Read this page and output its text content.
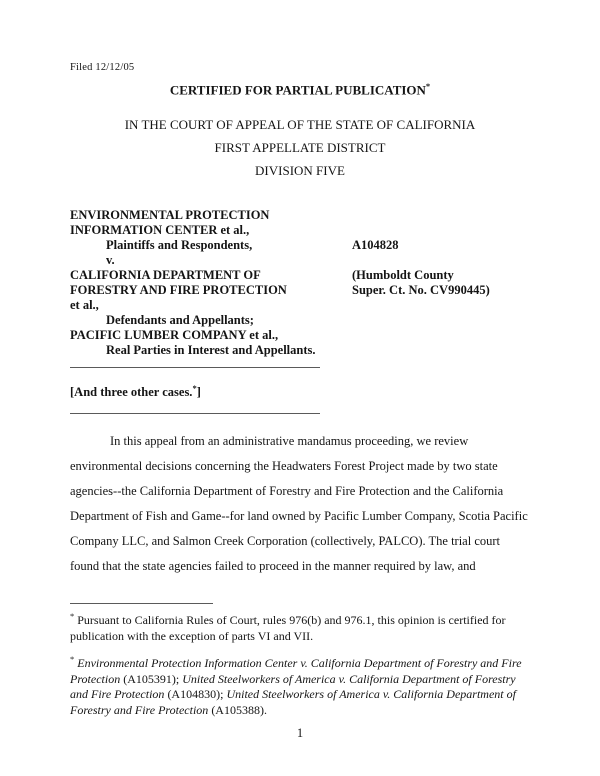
Filed 12/12/05
CERTIFIED FOR PARTIAL PUBLICATION*
IN THE COURT OF APPEAL OF THE STATE OF CALIFORNIA
FIRST APPELLATE DISTRICT
DIVISION FIVE
ENVIRONMENTAL PROTECTION
INFORMATION CENTER et al.,
Plaintiffs and Respondents,
v.
CALIFORNIA DEPARTMENT OF
FORESTRY AND FIRE PROTECTION
et al.,
Defendants and Appellants;
PACIFIC LUMBER COMPANY et al.,
Real Parties in Interest and Appellants.
A104828
(Humboldt County
Super. Ct. No. CV990445)
[And three other cases.*]

In this appeal from an administrative mandamus proceeding, we review environmental decisions concerning the Headwaters Forest Project made by two state agencies--the California Department of Forestry and Fire Protection and the California Department of Fish and Game--for land owned by Pacific Lumber Company, Scotia Pacific Company LLC, and Salmon Creek Corporation (collectively, PALCO). The trial court found that the state agencies failed to proceed in the manner required by law, and

* Pursuant to California Rules of Court, rules 976(b) and 976.1, this opinion is certified for publication with the exception of parts VI and VII.
* Environmental Protection Information Center v. California Department of Forestry and Fire Protection (A105391); United Steelworkers of America v. California Department of Forestry and Fire Protection (A104830); United Steelworkers of America v. California Department of Forestry and Fire Protection (A105388).
1
